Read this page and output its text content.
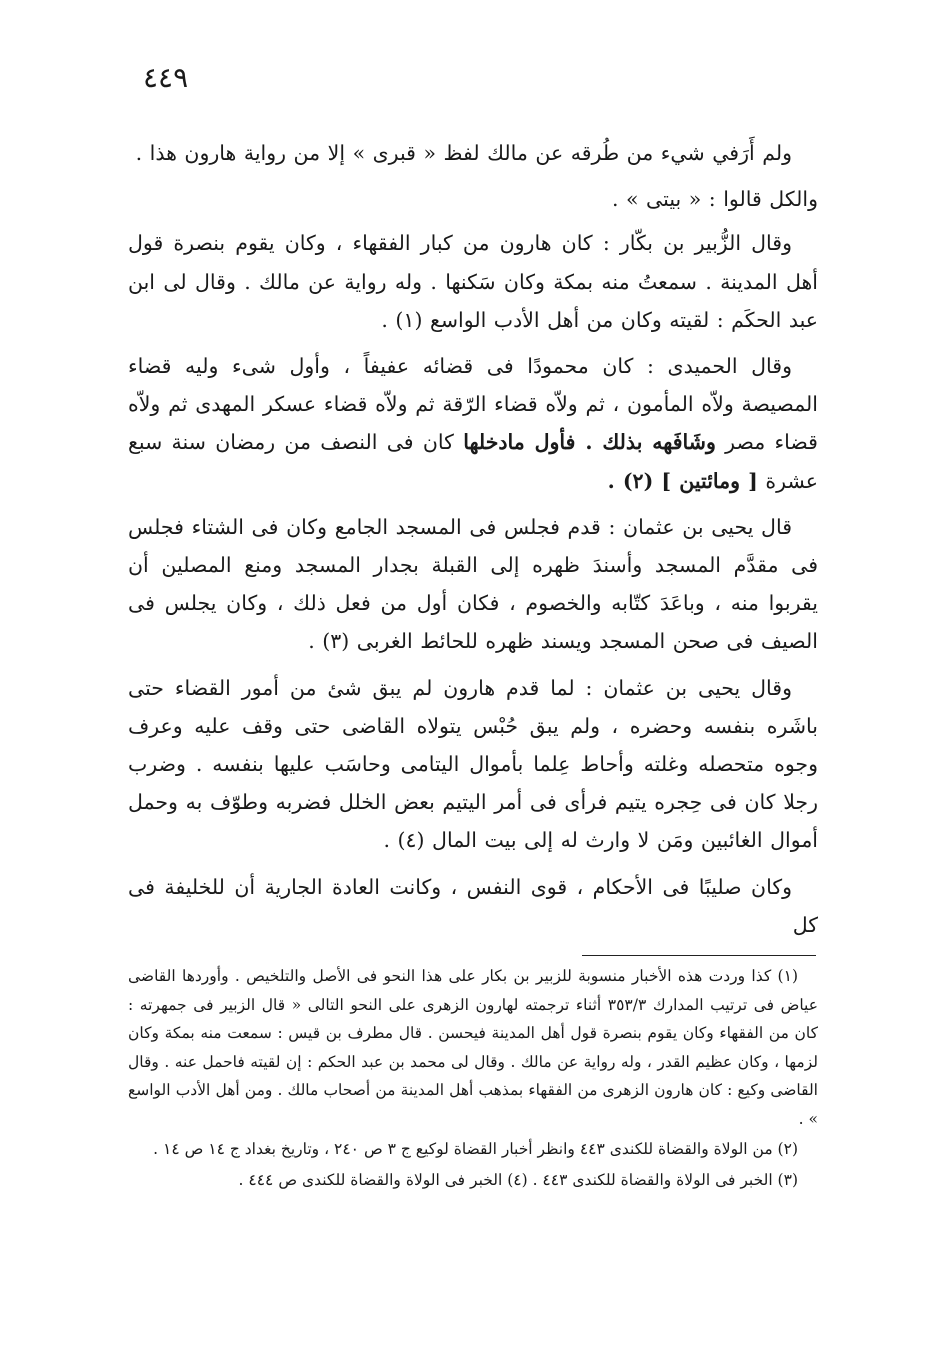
٤٤٩

ولم أَرَفي شيء من طُرقه عن مالك لفظ « قبرى » إلا من رواية هارون هذا .

والكل قالوا : « بيتى » .

وقال الزُّبير بن بكّار : كان هارون من كبار الفقهاء ، وكان يقوم بنصرة قول أهل المدينة . سمعتُ منه بمكة وكان سَكنها . وله رواية عن مالك . وقال لى ابن عبد الحكَم : لقيته وكان من أهل الأدب الواسع (١) .

وقال الحميدى : كان محمودًا فى قضائه عفيفاً ، وأول شىء وليه قضاء المصيصة ولاّه المأمون ، ثم ولاّه قضاء الرّقة ثم ولاّه قضاء عسكر المهدى ثم ولاّه قضاء مصر وشَافَهه بذلك . فأول مادخلها كان فى النصف من رمضان سنة سبع عشرة [ ومائتين ] (٢) .

قال يحيى بن عثمان : قدم فجلس فى المسجد الجامع وكان فى الشتاء فجلس فى مقدَّم المسجد وأسندَ ظهره إلى القبلة بجدار المسجد ومنع المصلين أن يقربوا منه ، وباعَدَ كتّابه والخصوم ، فكان أول من فعل ذلك ، وكان يجلس فى الصيف فى صحن المسجد ويسند ظهره للحائط الغربى (٣) .

وقال يحيى بن عثمان : لما قدم هارون لم يبق شئ من أمور القضاء حتى باشَره بنفسه وحضره ، ولم يبق حُبْس يتولاه القاضى حتى وقف عليه وعرف وجوه متحصله وغلته وأحاط عِلما بأموال اليتامى وحاسَب عليها بنفسه . وضرب رجلا كان فى حِجره يتيم فرأى فى أمر اليتيم بعض الخلل فضربه وطوّف به وحمل أموال الغائبين ومَن لا وارث له إلى بيت المال (٤) .

وكان صليبًا فى الأحكام ، قوى النفس ، وكانت العادة الجارية أن للخليفة فى كل

(١) كذا وردت هذه الأخبار منسوبة للزبير بن بكار على هذا النحو فى الأصل والتلخيص . وأوردها القاضى عياض فى ترتيب المدارك ٣٥٣/٣ أثناء ترجمته لهارون الزهرى على النحو التالى « قال الزبير فى جمهرته : كان من الفقهاء وكان يقوم بنصرة قول أهل المدينة فيحسن . قال مطرف بن قيس : سمعت منه بمكة وكان لزمها ، وكان عظيم القدر ، وله رواية عن مالك . وقال لى محمد بن عبد الحكم : إن لقيته فاحمل عنه . وقال القاضى وكيع : كان هارون الزهرى من الفقهاء بمذهب أهل المدينة من أصحاب مالك . ومن أهل الأدب الواسع » .

(٢) من الولاة والقضاة للكندى ٤٤٣ وانظر أخبار القضاة لوكيع ج ٣ ص ٢٤٠ ، وتاريخ بغداد ج ١٤ ص ١٤ .

(٣) الخبر فى الولاة والقضاة للكندى ٤٤٣ . (٤) الخبر فى الولاة والقضاة للكندى ص ٤٤٤ .
